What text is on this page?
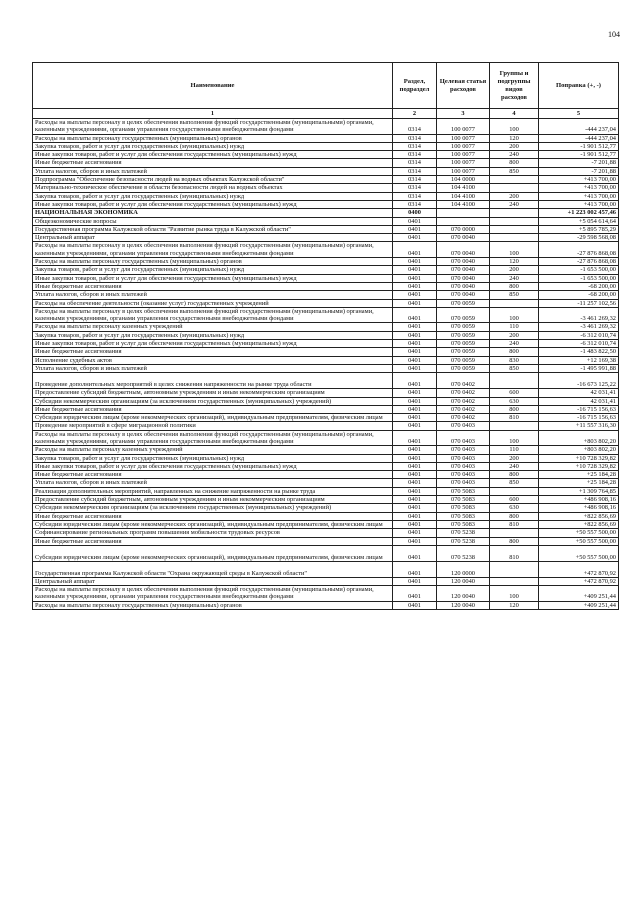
104
Наименование	Раздел, подраздел	Целевая статья расходов	Группы и подгруппы видов расходов	Поправка (+, -)
1	2	3	4	5
Расходы на выплаты персоналу в целях обеспечения выполнения функций государственными (муниципальными) органами, казенными учреждениями, органами управления государственными внебюджетными фондами	0314	100 0077	100	-444 237,04
Расходы на выплаты персоналу государственных (муниципальных) органов	0314	100 0077	120	-444 237,04
Закупка товаров, работ и услуг для государственных (муниципальных) нужд	0314	100 0077	200	-1 901 512,77
Иные закупки товаров, работ и услуг для обеспечения государственных (муниципальных) нужд	0314	100 0077	240	-1 901 512,77
Иные бюджетные ассигнования	0314	100 0077	800	-7 201,88
Уплата налогов, сборов и иных платежей	0314	100 0077	850	-7 201,88
Подпрограмма "Обеспечение безопасности людей на водных объектах Калужской области"	0314	104 0000		+413 700,00
Материально-техническое обеспечение в области безопасности людей на водных объектах	0314	104 4100		+413 700,00
Закупка товаров, работ и услуг для государственных (муниципальных) нужд	0314	104 4100	200	+413 700,00
Иные закупки товаров, работ и услуг для обеспечения государственных (муниципальных) нужд	0314	104 4100	240	+413 700,00
НАЦИОНАЛЬНАЯ ЭКОНОМИКА	0400			+1 223 002 457,46
Общеэкономические вопросы	0401			+5 054 614,64
Государственная программа Калужской области "Развитие рынка труда в Калужской области"	0401	070 0000		+5 895 785,29
Центральный аппарат	0401	070 0040		-29 598 568,08
Расходы на выплаты персоналу в целях обеспечения выполнения функций государственными (муниципальными) органами, казенными учреждениями, органами управления государственными внебюджетными фондами	0401	070 0040	100	-27 876 868,08
Расходы на выплаты персоналу государственных (муниципальных) органов	0401	070 0040	120	-27 876 868,08
Закупка товаров, работ и услуг для государственных (муниципальных) нужд	0401	070 0040	200	-1 653 500,00
Иные закупки товаров, работ и услуг для обеспечения государственных (муниципальных) нужд	0401	070 0040	240	-1 653 500,00
Иные бюджетные ассигнования	0401	070 0040	800	-68 200,00
Уплата налогов, сборов и иных платежей	0401	070 0040	850	-68 200,00
Расходы на обеспечение деятельности (оказание услуг) государственных учреждений	0401	070 0059		-11 257 102,56
Расходы на выплаты персоналу в целях обеспечения выполнения функций государственными (муниципальными) органами, казенными учреждениями, органами управления государственными внебюджетными фондами	0401	070 0059	100	-3 461 269,32
Расходы на выплаты персоналу казенных учреждений	0401	070 0059	110	-3 461 269,32
Закупка товаров, работ и услуг для государственных (муниципальных) нужд	0401	070 0059	200	-6 312 010,74
Иные закупки товаров, работ и услуг для обеспечения государственных (муниципальных) нужд	0401	070 0059	240	-6 312 010,74
Иные бюджетные ассигнования	0401	070 0059	800	-1 483 822,50
Исполнение судебных актов	0401	070 0059	830	+12 169,38
Уплата налогов, сборов и иных платежей	0401	070 0059	850	-1 495 991,88
Проведение дополнительных мероприятий в целях снижения напряженности на рынке труда области	0401	070 0402		-16 673 125,22
Предоставление субсидий бюджетным, автономным учреждениям и иным некоммерческим организациям	0401	070 0402	600	42 031,41
Субсидии некоммерческим организациям (за исключением государственных (муниципальных) учреждений)	0401	070 0402	630	42 031,41
Иные бюджетные ассигнования	0401	070 0402	800	-16 715 156,63
Субсидии юридическим лицам (кроме некоммерческих организаций), индивидуальным предпринимателям, физическим лицам	0401	070 0402	810	-16 715 156,63
Проведение мероприятий в сфере миграционной политики	0401	070 0403		+11 557 316,30
Расходы на выплаты персоналу в целях обеспечения выполнения функций государственными (муниципальными) органами, казенными учреждениями, органами управления государственными внебюджетными фондами	0401	070 0403	100	+803 802,20
Расходы на выплаты персоналу казенных учреждений	0401	070 0403	110	+803 802,20
Закупка товаров, работ и услуг для государственных (муниципальных) нужд	0401	070 0403	200	+10 728 329,82
Иные закупки товаров, работ и услуг для обеспечения государственных (муниципальных) нужд	0401	070 0403	240	+10 728 329,82
Иные бюджетные ассигнования	0401	070 0403	800	+25 184,28
Уплата налогов, сборов и иных платежей	0401	070 0403	850	+25 184,28
Реализация дополнительных мероприятий, направленных на снижение напряженности на рынке труда	0401	070 5083		+1 309 764,85
Предоставление субсидий бюджетным, автономным учреждениям и иным некоммерческим организациям	0401	070 5083	600	+486 908,16
Субсидии некоммерческим организациям (за исключением государственных (муниципальных) учреждений)	0401	070 5083	630	+486 908,16
Иные бюджетные ассигнования	0401	070 5083	800	+822 856,69
Субсидии юридическим лицам (кроме некоммерческих организаций), индивидуальным предпринимателям, физическим лицам	0401	070 5083	810	+822 856,69
Софинансирование региональных программ повышения мобильности трудовых ресурсов	0401	070 5238		+50 557 500,00
Иные бюджетные ассигнования	0401	070 5238	800	+50 557 500,00
Субсидии юридическим лицам (кроме некоммерческих организаций), индивидуальным предпринимателям, физическим лицам	0401	070 5238	810	+50 557 500,00
Государственная программа Калужской области "Охрана окружающей среды в Калужской области"	0401	120 0000		+472 870,92
Центральный аппарат	0401	120 0040		+472 870,92
Расходы на выплаты персоналу в целях обеспечения выполнения функций государственными (муниципальными) органами, казенными учреждениями, органами управления государственными внебюджетными фондами	0401	120 0040	100	+409 251,44
Расходы на выплаты персоналу государственных (муниципальных) органов	0401	120 0040	120	+409 251,44
